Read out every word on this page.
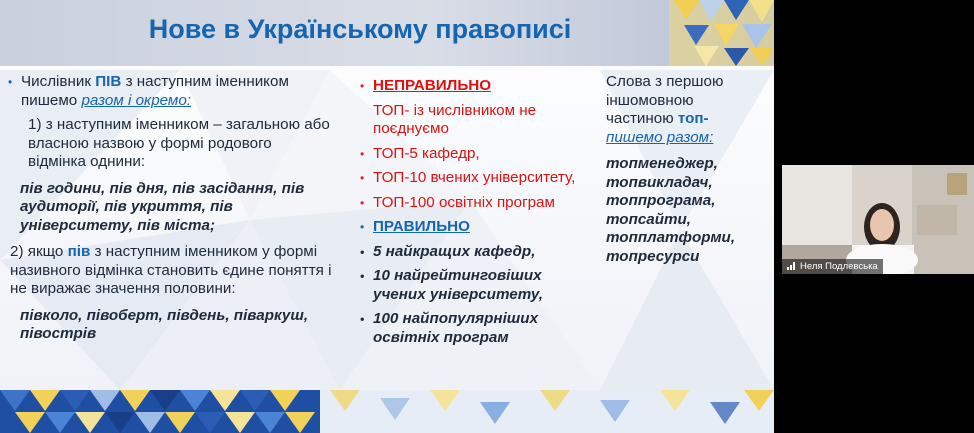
Нове в Українському правописі

• Числівник ПІВ з наступним іменником пишемо разом і окремо:

1) з наступним іменником – загальною або власною назвою у формі родового відмінка однини:

пів години, пів дня, пів засідання, пів аудиторії, пів укриття, пів університету, пів міста;

2) якщо пів з наступним іменником у формі називного відмінка становить єдине поняття і не виражає значення половини:

півколо, півоберт, південь, піваркуш, півострів

• НЕПРАВИЛЬНО

ТОП- із числівником не поєднуємо

• ТОП-5 кафедр,

• ТОП-10 вчених університету,

• ТОП-100 освітніх програм

• ПРАВИЛЬНО

• 5 найкращих кафедр,

• 10 найрейтинговіших учених університету,

• 100 найпопулярніших освітніх програм

Слова з першою іншомовною частиною топ-
пишемо разом:

топменеджер,
топвикладач,
топпрограма,
топсайти,
топплатформи,
топресурси
Неля Подлевська
